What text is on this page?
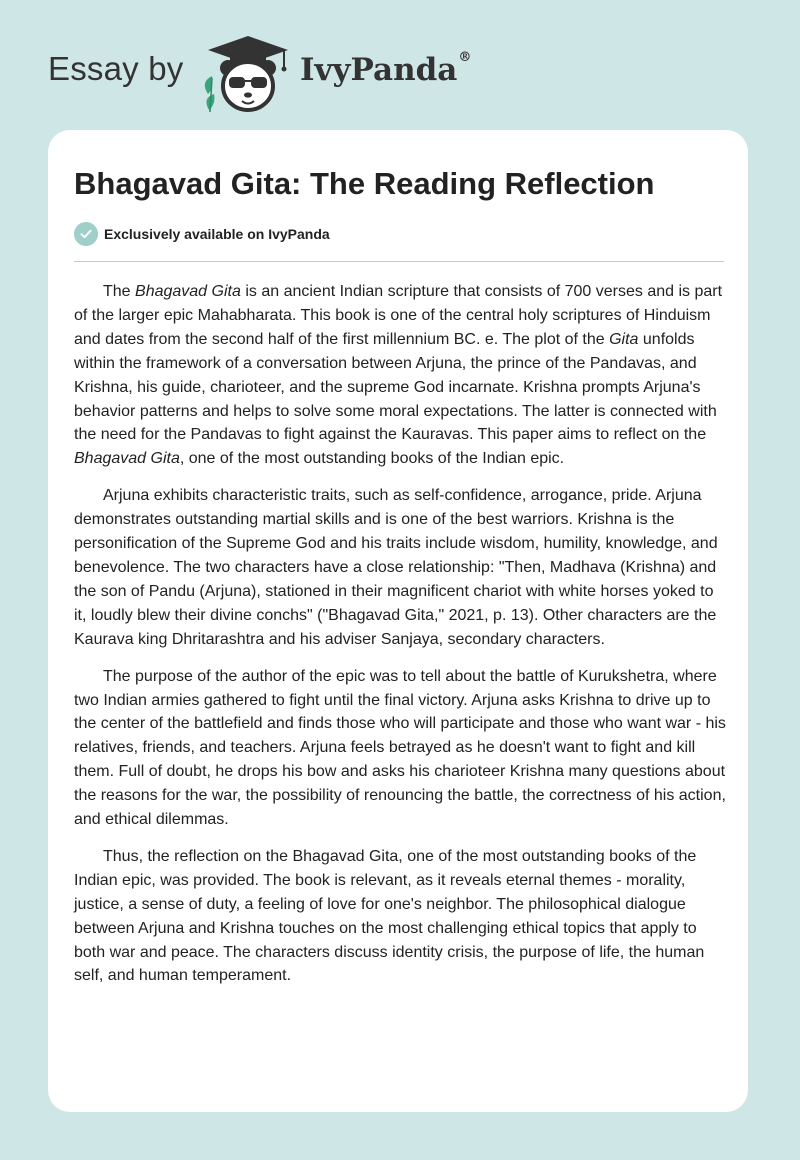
Essay by	IvyPanda®
Bhagavad Gita: The Reading Reflection
Exclusively available on IvyPanda

The Bhagavad Gita is an ancient Indian scripture that consists of 700 verses and is part of the larger epic Mahabharata. This book is one of the central holy scriptures of Hinduism and dates from the second half of the first millennium BC. e. The plot of the Gita unfolds within the framework of a conversation between Arjuna, the prince of the Pandavas, and Krishna, his guide, charioteer, and the supreme God incarnate. Krishna prompts Arjuna's behavior patterns and helps to solve some moral expectations. The latter is connected with the need for the Pandavas to fight against the Kauravas. This paper aims to reflect on the Bhagavad Gita, one of the most outstanding books of the Indian epic.

Arjuna exhibits characteristic traits, such as self-confidence, arrogance, pride. Arjuna demonstrates outstanding martial skills and is one of the best warriors. Krishna is the personification of the Supreme God and his traits include wisdom, humility, knowledge, and benevolence. The two characters have a close relationship: "Then, Madhava (Krishna) and the son of Pandu (Arjuna), stationed in their magnificent chariot with white horses yoked to it, loudly blew their divine conchs" ("Bhagavad Gita," 2021, p. 13). Other characters are the Kaurava king Dhritarashtra and his adviser Sanjaya, secondary characters.

The purpose of the author of the epic was to tell about the battle of Kurukshetra, where two Indian armies gathered to fight until the final victory. Arjuna asks Krishna to drive up to the center of the battlefield and finds those who will participate and those who want war - his relatives, friends, and teachers. Arjuna feels betrayed as he doesn't want to fight and kill them. Full of doubt, he drops his bow and asks his charioteer Krishna many questions about the reasons for the war, the possibility of renouncing the battle, the correctness of his action, and ethical dilemmas.

Thus, the reflection on the Bhagavad Gita, one of the most outstanding books of the Indian epic, was provided. The book is relevant, as it reveals eternal themes - morality, justice, a sense of duty, a feeling of love for one's neighbor. The philosophical dialogue between Arjuna and Krishna touches on the most challenging ethical topics that apply to both war and peace. The characters discuss identity crisis, the purpose of life, the human self, and human temperament.
